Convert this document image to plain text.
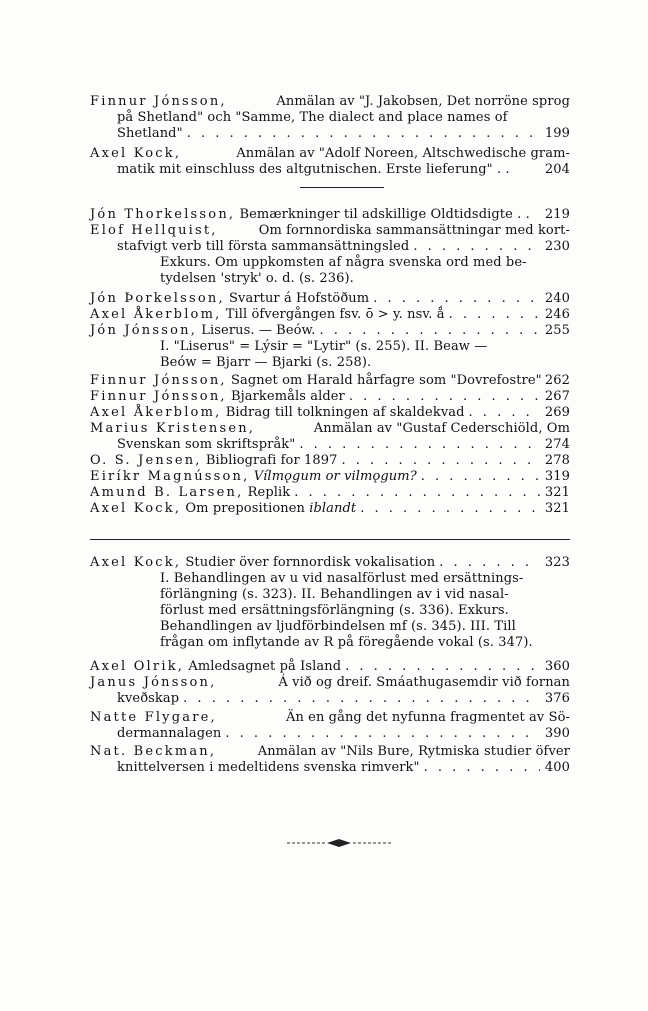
Finnur Jónsson,	Anmälan av "J. Jakobsen, Det norröne sprog
på Shetland" och "Samme, The dialect and place names of
Shetland" . . .	199
Axel Kock,	Anmälan av "Adolf Noreen, Altschwedische gram-
matik mit einschluss des altgutnischen. Erste lieferung" . .	204
Jón Thorkelsson,
Bemærkninger til adskillige Oldtidsdigte . . 219
Elof Hellquist,	Om fornnordiska sammansättningar med kort-
stafvigt verb till första sammansättningsled . . .	230
Exkurs. Om uppkomsten af några svenska ord med be-
tydelsen 'stryk' o. d. (s. 236).
Jón Þorkelsson,
Svartur á Hofstöðum . . .	240
Axel Åkerblom,
Till öfvergången fsv. ō > y. nsv. ǻ . . .	246
Jón Jónsson,
Liserus. — Beów. . . .	255
I. "Liserus" = Lýsir = "Lytir" (s. 255). II. Beaw —
Beów = Bjarr — Bjarki (s. 258).
Finnur Jónsson,
Sagnet om Harald hårfagre som "Dovrefostre" 262
Finnur Jónsson,
Bjarkemåls alder . . .	267
Axel Åkerblom,
Bidrag till tolkningen af skaldekvad . . .	269
Marius Kristensen,	Anmälan av "Gustaf Cederschiöld, Om
Svenskan som skriftspråk" . . .	274
O. S. Jensen,
Bibliografi for 1897 . . .	278
Eiríkr Magnússon,
Vílmǫgum or vilmǫgum? . . .	319
Amund B. Larsen,
Replik . . .	321
Axel Kock,
Om prepositionen
iblandt . . .	321
Axel Kock,
Studier över fornnordisk vokalisation . . .	323
I. Behandlingen av u vid nasalförlust med ersättnings-
förlängning (s. 323). II. Behandlingen av i vid nasal-
förlust med ersättningsförlängning (s. 336). Exkurs.
Behandlingen av ljudförbindelsen mf (s. 345). III. Till
frågan om inflytande av R på föregående vokal (s. 347).
Axel Olrik,
Amledsagnet på Island . . .	360
Janus Jónsson,	Á við og dreif. Smáathugasemdir við fornan
kveðskap . . .	376
Natte Flygare,	Än en gång det nyfunna fragmentet av Sö-
dermannalagen . . .	390
Nat. Beckman,	Anmälan av "Nils Bure, Rytmiska studier öfver
knittelversen i medeltidens svenska rimverk" . . .	400
